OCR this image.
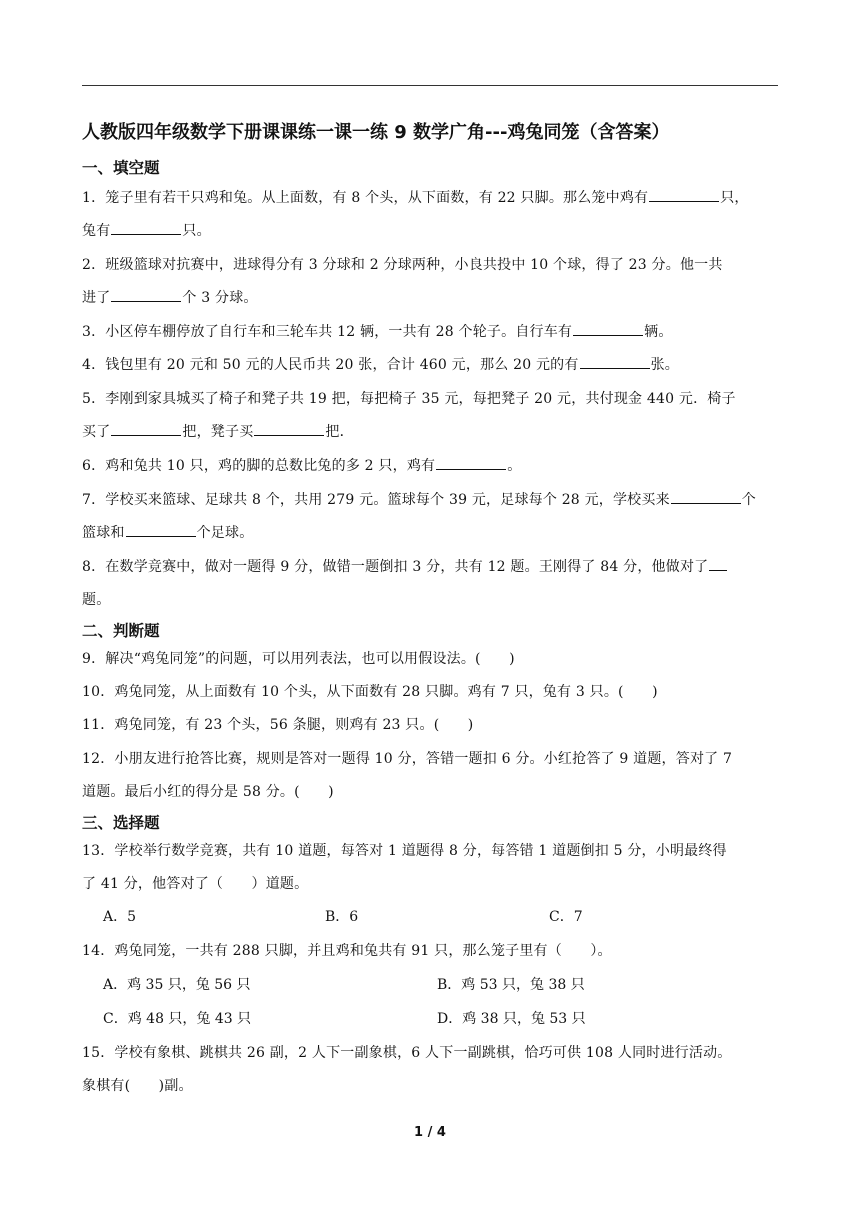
人教版四年级数学下册课课练一课一练 9 数学广角---鸡兔同笼（含答案）
一、填空题
1．笼子里有若干只鸡和兔。从上面数，有 8 个头，从下面数，有 22 只脚。那么笼中鸡有	只，
兔有	只。
2．班级篮球对抗赛中，进球得分有 3 分球和 2 分球两种，小良共投中 10 个球，得了 23 分。他一共
进了	个 3 分球。
3．小区停车棚停放了自行车和三轮车共 12 辆，一共有 28 个轮子。自行车有	辆。
4．钱包里有 20 元和 50 元的人民币共 20 张，合计 460 元，那么 20 元的有	张。
5．李刚到家具城买了椅子和凳子共 19 把，每把椅子 35 元，每把凳子 20 元，共付现金 440 元．椅子
买了	把，凳子买	把．
6．鸡和兔共 10 只，鸡的脚的总数比兔的多 2 只，鸡有	。
7．学校买来篮球、足球共 8 个，共用 279 元。篮球每个 39 元，足球每个 28 元，学校买来	个
篮球和	个足球。
8．在数学竞赛中，做对一题得 9 分，做错一题倒扣 3 分，共有 12 题。王刚得了 84 分，他做对了
题。
二、判断题
9．解决“鸡兔同笼”的问题，可以用列表法，也可以用假设法。(　　)
10．鸡兔同笼，从上面数有 10 个头，从下面数有 28 只脚。鸡有 7 只，兔有 3 只。(　　)
11．鸡兔同笼，有 23 个头，56 条腿，则鸡有 23 只。(　　)
12．小朋友进行抢答比赛，规则是答对一题得 10 分，答错一题扣 6 分。小红抢答了 9 道题，答对了 7
道题。最后小红的得分是 58 分。(　　)
三、选择题
13．学校举行数学竞赛，共有 10 道题，每答对 1 道题得 8 分，每答错 1 道题倒扣 5 分，小明最终得
了 41 分，他答对了（　　）道题。
A．5	B．6	C．7
14．鸡兔同笼，一共有 288 只脚，并且鸡和兔共有 91 只，那么笼子里有（　　）。
A．鸡 35 只，兔 56 只	B．鸡 53 只，兔 38 只
C．鸡 48 只，兔 43 只	D．鸡 38 只，兔 53 只
15．学校有象棋、跳棋共 26 副，2 人下一副象棋，6 人下一副跳棋，恰巧可供 108 人同时进行活动。
象棋有(　　)副。
1 / 4
